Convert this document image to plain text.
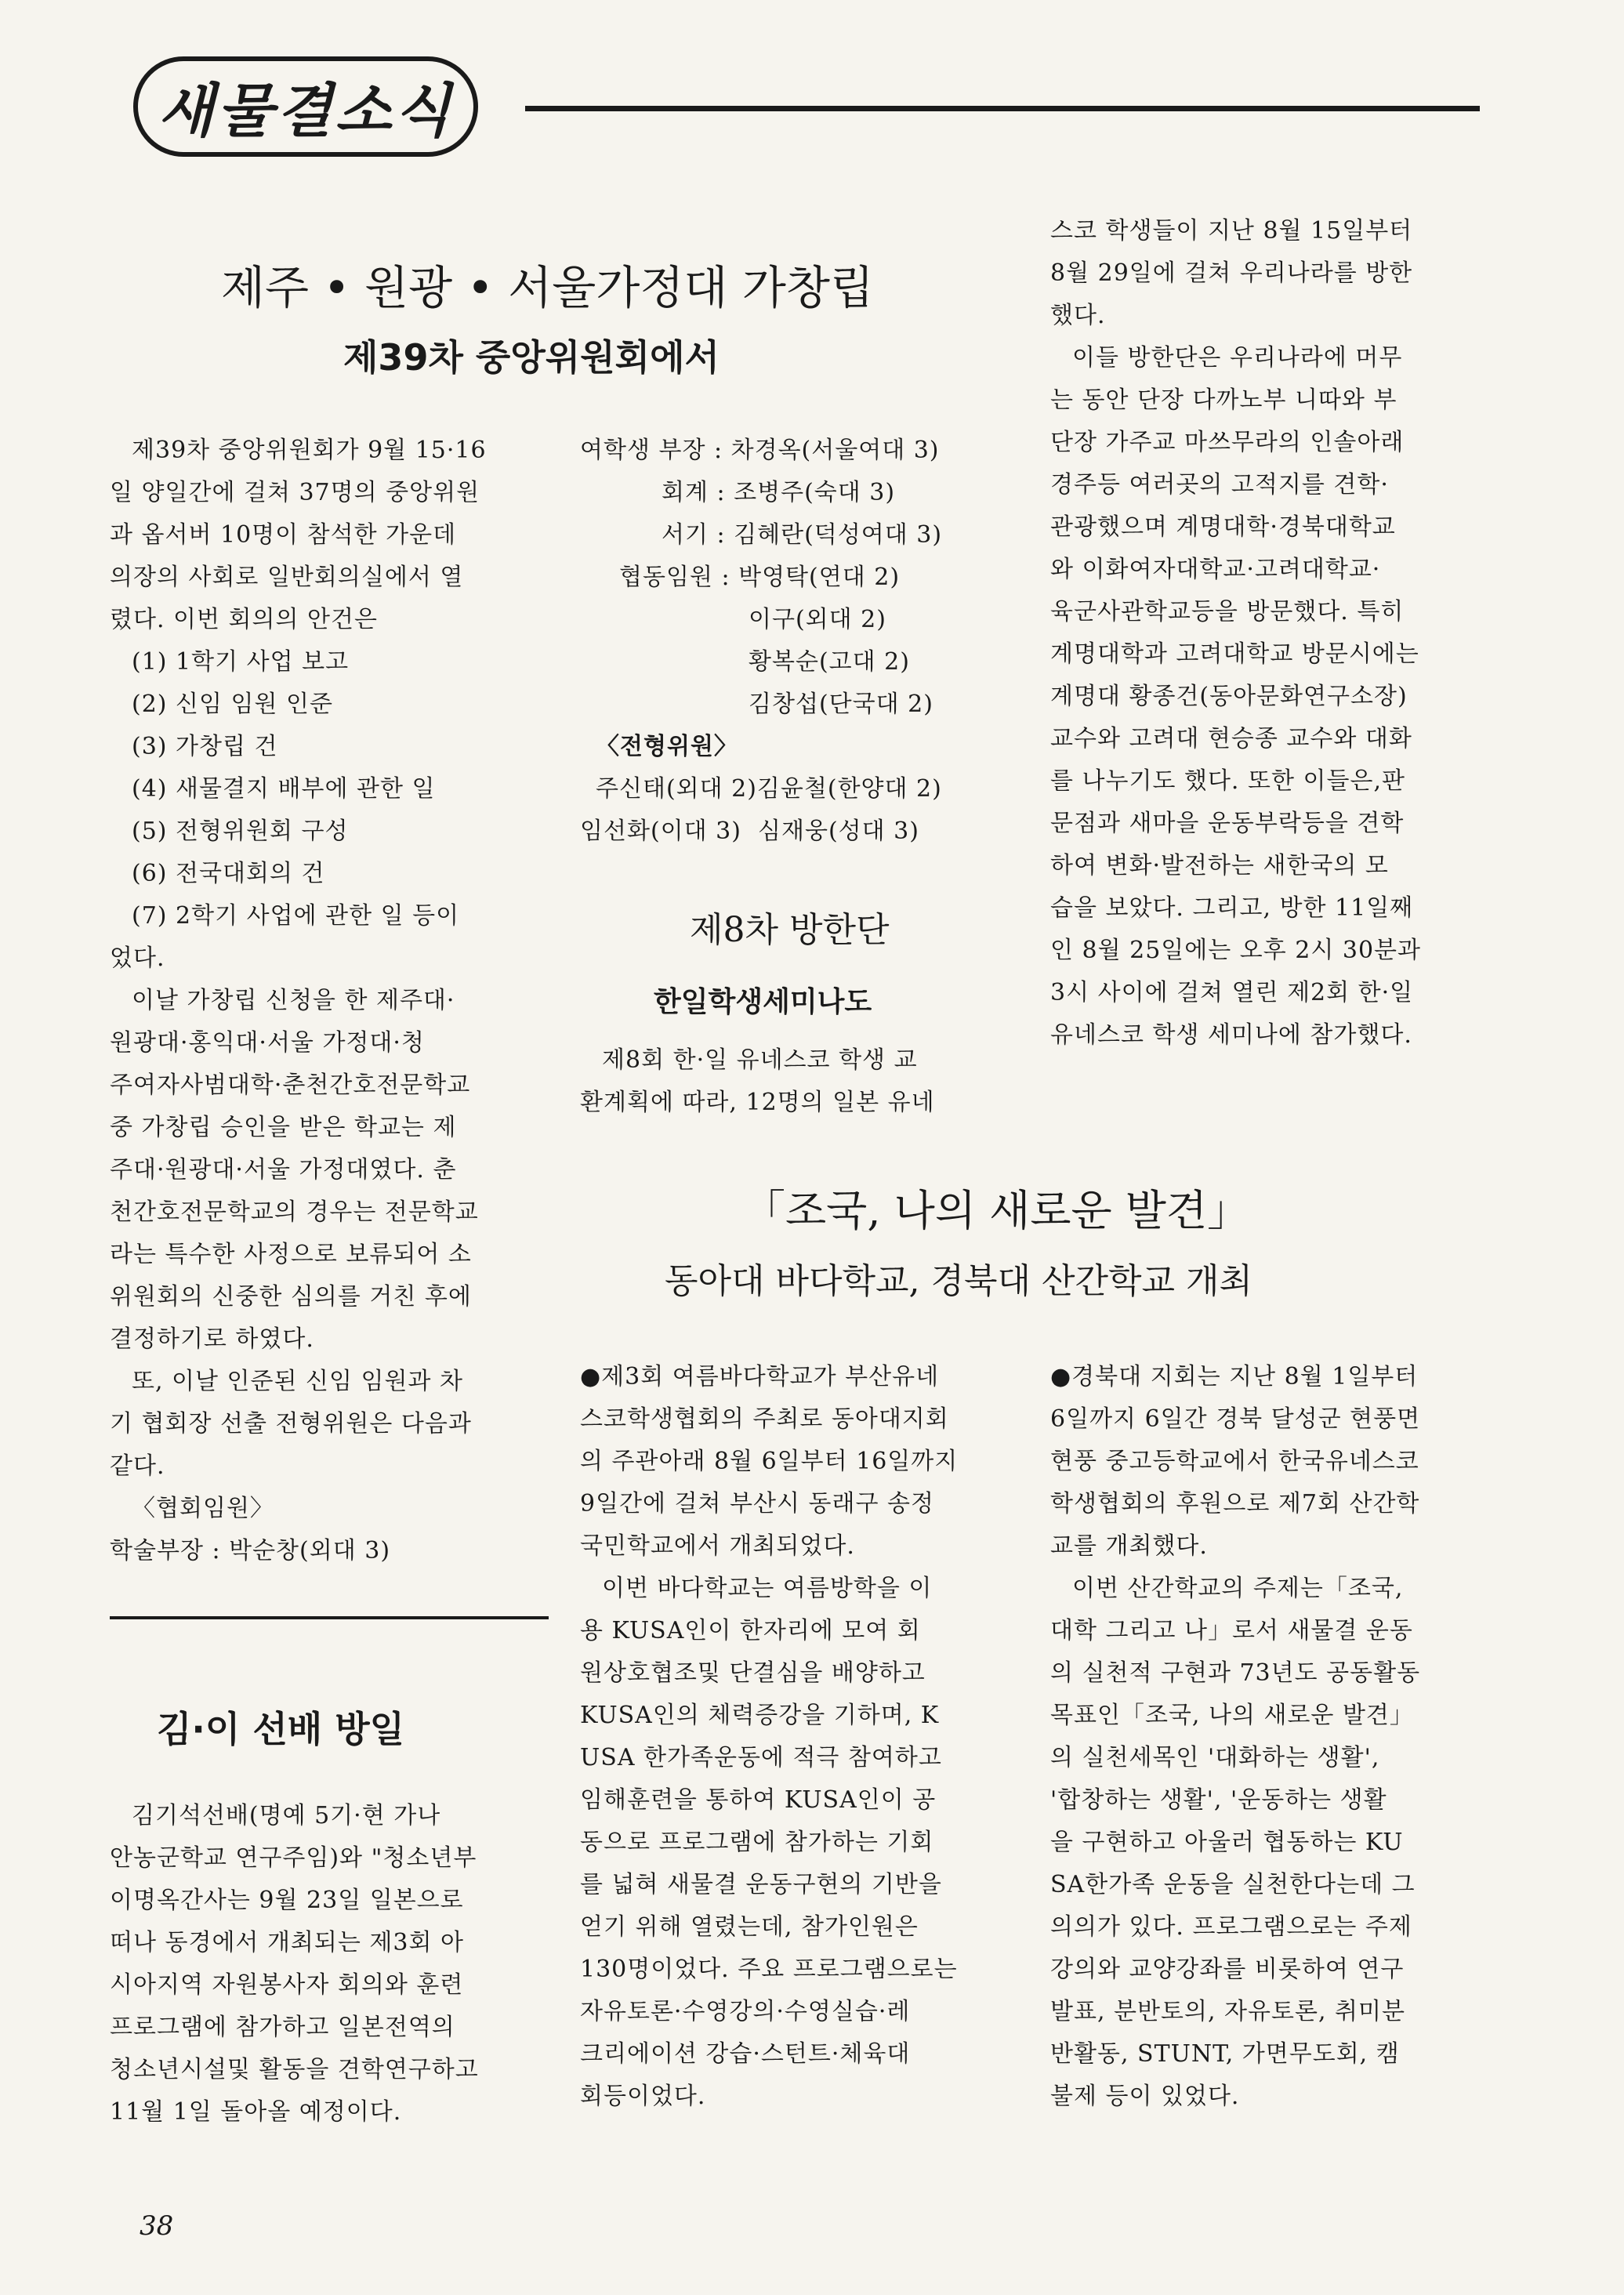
새물결소식
제주 • 원광 • 서울가정대 가창립
제39차 중앙위원회에서
제39차 중앙위원회가 9월 15·16
일 양일간에 걸쳐 37명의 중앙위원
과 옵서버 10명이 참석한 가운데
의장의 사회로 일반회의실에서 열
렸다. 이번 회의의 안건은
(1) 1학기 사업 보고
(2) 신임 임원 인준
(3) 가창립 건
(4) 새물결지 배부에 관한 일
(5) 전형위원회 구성
(6) 전국대회의 건
(7) 2학기 사업에 관한 일 등이
었다.
이날 가창립 신청을 한 제주대·
원광대·홍익대·서울 가정대·청
주여자사범대학·춘천간호전문학교
중 가창립 승인을 받은 학교는 제
주대·원광대·서울 가정대였다. 춘
천간호전문학교의 경우는 전문학교
라는 특수한 사정으로 보류되어 소
위원회의 신중한 심의를 거친 후에
결정하기로 하였다.
또, 이날 인준된 신임 임원과 차
기 협회장 선출 전형위원은 다음과
같다.
〈협회임원〉
학술부장 : 박순창(외대 3)
여학생 부장 : 차경옥(서울여대 3)
회계 : 조병주(숙대 3)
서기 : 김혜란(덕성여대 3)
협동임원 : 박영탁(연대 2)
이구(외대 2)
황복순(고대 2)
김창섭(단국대 2)
〈전형위원〉
주신태(외대 2)김윤철(한양대 2)
임선화(이대 3)  심재웅(성대 3)
제8차 방한단
한일학생세미나도
제8회 한·일 유네스코 학생 교
환계획에 따라, 12명의 일본 유네
스코 학생들이 지난 8월 15일부터
8월 29일에 걸쳐 우리나라를 방한
했다.
이들 방한단은 우리나라에 머무
는 동안 단장 다까노부 니따와 부
단장 가주교 마쓰무라의 인솔아래
경주등 여러곳의 고적지를 견학·
관광했으며 계명대학·경북대학교
와 이화여자대학교·고려대학교·
육군사관학교등을 방문했다. 특히
계명대학과 고려대학교 방문시에는
계명대 황종건(동아문화연구소장)
교수와 고려대 현승종 교수와 대화
를 나누기도 했다. 또한 이들은,판
문점과 새마을 운동부락등을 견학
하여 변화·발전하는 새한국의 모
습을 보았다. 그리고, 방한 11일째
인 8월 25일에는 오후 2시 30분과
3시 사이에 걸쳐 열린 제2회 한·일
유네스코 학생 세미나에 참가했다.
김·이 선배 방일
김기석선배(명예 5기·현 가나
안농군학교 연구주임)와 "청소년부
이명옥간사는 9월 23일 일본으로
떠나 동경에서 개최되는 제3회 아
시아지역 자원봉사자 회의와 훈련
프로그램에 참가하고 일본전역의
청소년시설및 활동을 견학연구하고
11월 1일 돌아올 예정이다.
「조국, 나의 새로운 발견」
동아대 바다학교, 경북대 산간학교 개최
●제3회 여름바다학교가 부산유네
스코학생협회의 주최로 동아대지회
의 주관아래 8월 6일부터 16일까지
9일간에 걸쳐 부산시 동래구 송정
국민학교에서 개최되었다.
이번 바다학교는 여름방학을 이
용 KUSA인이 한자리에 모여 회
원상호협조및 단결심을 배양하고
KUSA인의 체력증강을 기하며, K
USA 한가족운동에 적극 참여하고
임해훈련을 통하여 KUSA인이 공
동으로 프로그램에 참가하는 기회
를 넓혀 새물결 운동구현의 기반을
얻기 위해 열렸는데, 참가인원은
130명이었다. 주요 프로그램으로는
자유토론·수영강의·수영실습·레
크리에이션 강습·스턴트·체육대
회등이었다.
●경북대 지회는 지난 8월 1일부터
6일까지 6일간 경북 달성군 현풍면
현풍 중고등학교에서 한국유네스코
학생협회의 후원으로 제7회 산간학
교를 개최했다.
이번 산간학교의 주제는「조국,
대학 그리고 나」로서 새물결 운동
의 실천적 구현과 73년도 공동활동
목표인「조국, 나의 새로운 발견」
의 실천세목인 '대화하는 생활',
'합창하는 생활', '운동하는 생활
을 구현하고 아울러 협동하는 KU
SA한가족 운동을 실천한다는데 그
의의가 있다. 프로그램으로는 주제
강의와 교양강좌를 비롯하여 연구
발표, 분반토의, 자유토론, 취미분
반활동, STUNT, 가면무도회, 캠
불제 등이 있었다.
38
